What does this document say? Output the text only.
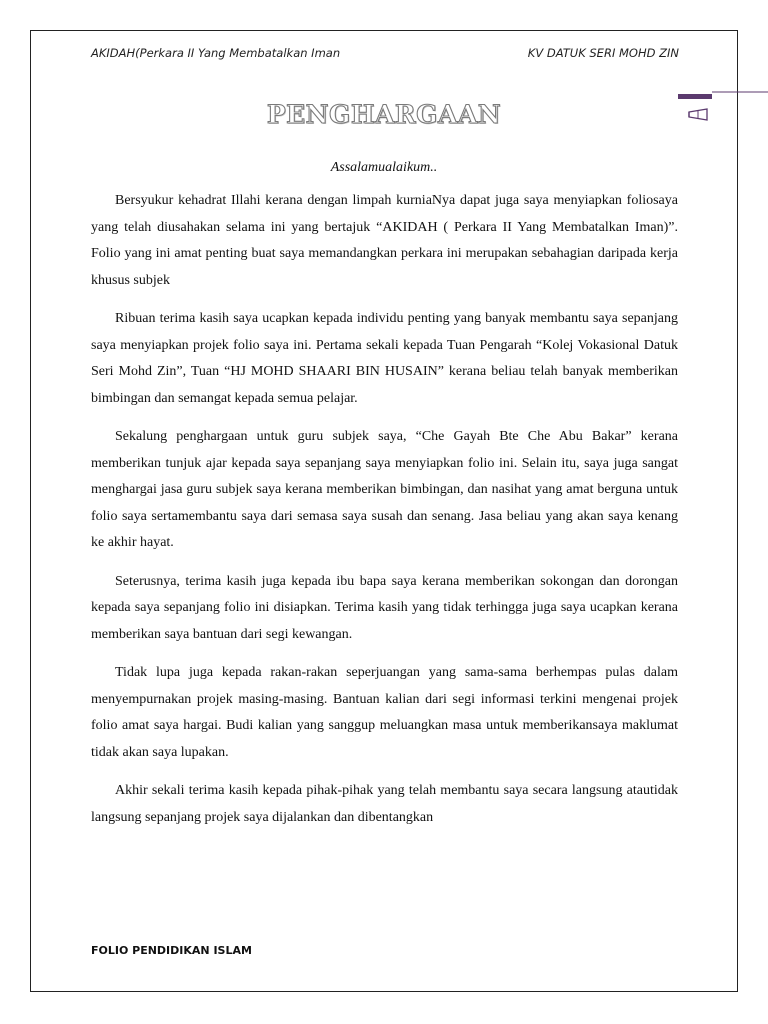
AKIDAH(Perkara II Yang Membatalkan Iman	KV DATUK SERI MOHD ZIN
PENGHARGAAN
Assalamualaikum..

Bersyukur kehadrat Illahi kerana dengan limpah kurniaNya dapat juga saya menyiapkan foliosaya yang telah diusahakan selama ini yang bertajuk “AKIDAH ( Perkara II Yang Membatalkan Iman)”. Folio yang ini amat penting buat saya memandangkan perkara ini merupakan sebahagian daripada kerja khusus subjek

Ribuan terima kasih saya ucapkan kepada individu penting yang banyak membantu saya sepanjang saya menyiapkan projek folio saya ini. Pertama sekali kepada Tuan Pengarah “Kolej Vokasional Datuk Seri Mohd Zin”, Tuan “HJ MOHD SHAARI BIN HUSAIN” kerana beliau telah banyak memberikan bimbingan dan semangat kepada semua pelajar.

Sekalung penghargaan untuk guru subjek saya, “Che Gayah Bte Che Abu Bakar” kerana memberikan tunjuk ajar kepada saya sepanjang saya menyiapkan folio ini. Selain itu, saya juga sangat menghargai jasa guru subjek saya kerana memberikan bimbingan, dan nasihat yang amat berguna untuk folio saya sertamembantu saya dari semasa saya susah dan senang. Jasa beliau yang akan saya kenang ke akhir hayat.

Seterusnya, terima kasih juga kepada ibu bapa saya kerana memberikan sokongan dan dorongan kepada saya sepanjang folio ini disiapkan. Terima kasih yang tidak terhingga juga saya ucapkan kerana memberikan saya bantuan dari segi kewangan.

Tidak lupa juga kepada rakan-rakan seperjuangan yang sama-sama berhempas pulas dalam menyempurnakan projek masing-masing. Bantuan kalian dari segi informasi terkini mengenai projek folio amat saya hargai. Budi kalian yang sanggup meluangkan masa untuk memberikansaya maklumat tidak akan saya lupakan.

Akhir sekali terima kasih kepada pihak-pihak yang telah membantu saya secara langsung atautidak langsung sepanjang projek saya dijalankan dan dibentangkan

FOLIO PENDIDIKAN ISLAM
